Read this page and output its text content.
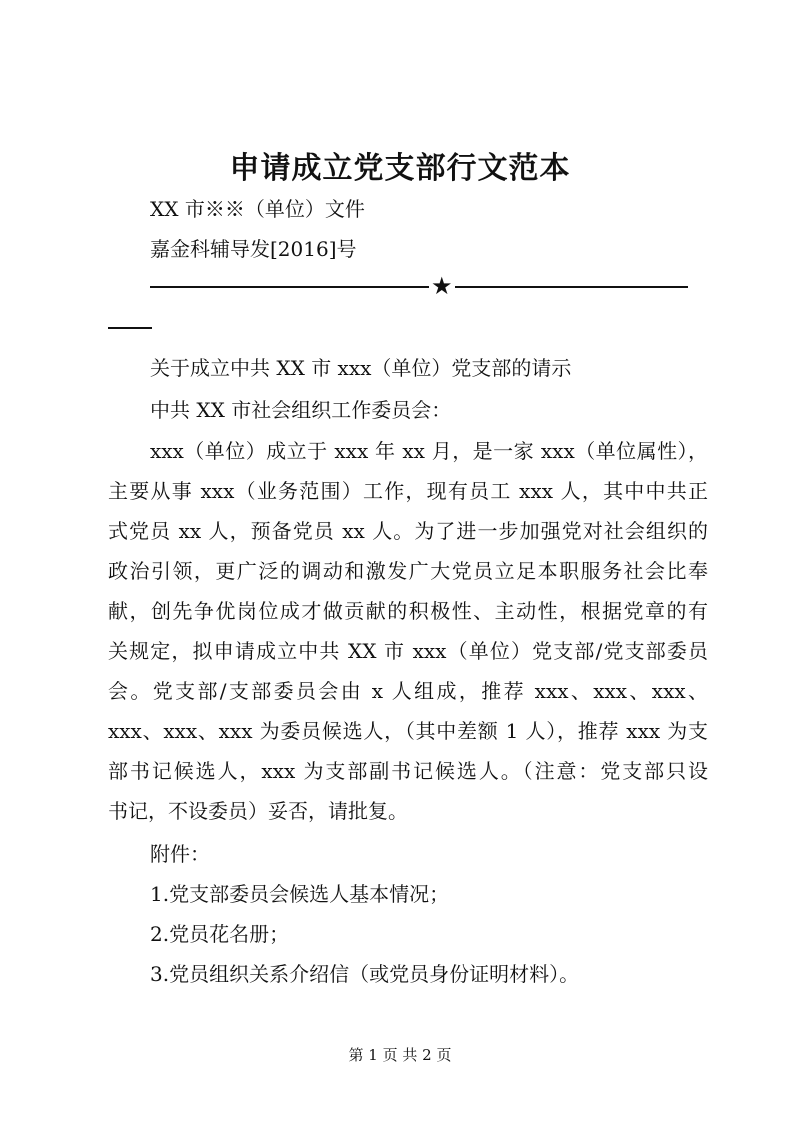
申请成立党支部行文范本

XX 市※※（单位）文件

嘉金科辅导发[2016]号

★

关于成立中共 XX 市 xxx（单位）党支部的请示

中共 XX 市社会组织工作委员会：

xxx（单位）成立于 xxx 年 xx 月，是一家 xxx（单位属性），

主要从事 xxx（业务范围）工作，现有员工 xxx 人，其中中共正

式党员 xx 人，预备党员 xx 人。为了进一步加强党对社会组织的

政治引领，更广泛的调动和激发广大党员立足本职服务社会比奉

献，创先争优岗位成才做贡献的积极性、主动性，根据党章的有

关规定，拟申请成立中共 XX 市 xxx（单位）党支部/党支部委员

会。党支部/支部委员会由 x 人组成，推荐 xxx、xxx、xxx、

xxx、xxx、xxx 为委员候选人，（其中差额 1 人），推荐 xxx 为支

部书记候选人，xxx 为支部副书记候选人。（注意：党支部只设

书记，不设委员）妥否，请批复。

附件：

1.党支部委员会候选人基本情况；

2.党员花名册；

3.党员组织关系介绍信（或党员身份证明材料）。

第 1 页 共 2 页
